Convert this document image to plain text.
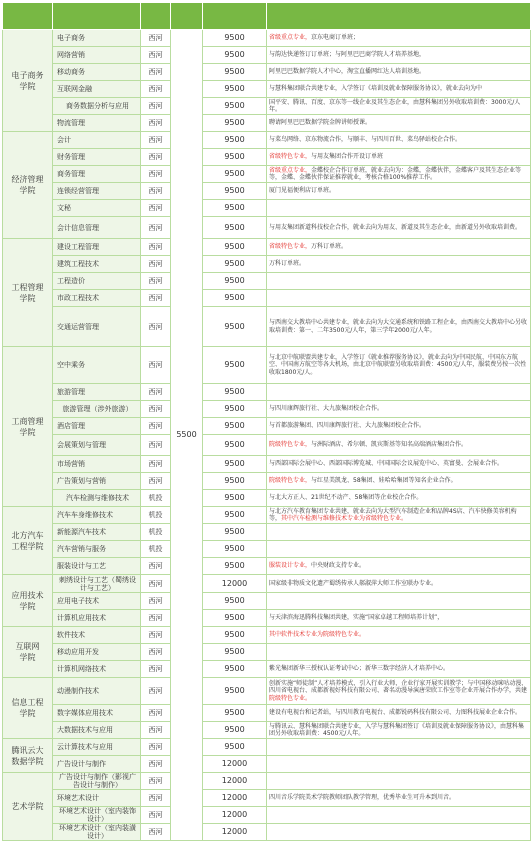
电子商务
学院	电子商务	西河	5500	9500	省级重点专业，京东电商订单班；
	网络营销	西河		9500	与韵达快递签订订单班；与阿里巴巴商学院人才培养基地，
	移动商务	西河		9500	阿里巴巴数据学院人才中心，淘宝直播网红达人培训基地。
	互联网金融	西河		9500	与慧科集团联合共建专业，入学签订《培训及就业保障服务协议》，就业去向为中
	商务数据分析与应用	西河		9500	国平安、腾讯、百度、京东等一线企业及其生态企业，由慧科集团另外收取培训费：3000元/人年。
	物流管理	西河		9500	聘请阿里巴巴数据学院金牌讲师授课。
经济管理
学院	会计	西河		9500	与菜鸟网络、京东物流合作，与顺丰、与四川百世、菜鸟驿站校企合作。
	财务管理	西河		9500	省级特色专业，与用友集团合作开设订单班
	商务管理	西河		9500	省级重点专业，金蝶校企合作订单班，就业去向为：金蝶，金蝶伙伴，金蝶客户及其生态企业等等，金蝶、金蝶伙伴保证推荐就业，考核合格100%推荐工作。
	连锁经营管理	西河		9500	厦门见福便利店订单班。
	文秘	西河		9500	
	会计信息管理	西河		9500	与用友集团新道科技校企合作，就业去向为用友、新道及其生态企业，由新道另外收取培训费。
工程管理
学院	建设工程管理	西河		9500	省级特色专业，万科订单班。
	建筑工程技术	西河		9500	万科订单班。
	工程造价	西河		9500	
	市政工程技术	西河		9500	
	交通运营管理	西河		9500	与西南交大教培中心共建专业，就业去向为大交通系统和铁路工程企业，由西南交大教培中心另收取培训费：第一、二年3500元/人年，第三学年2000元/人年。
工商管理
学院	空中乘务	西河		9500	与北京中航联盟共建专业，入学签订《就业推荐服务协议》，就业去向为中国民航、中国东方航空、中国南方航空等各大机场，由北京中航联盟另收取培训费：4500元/人年，服装费另按一次性收取1800元/人。
	旅游管理	西河		9500	
	旅游管理（涉外旅游）	西河		9500	与四川康辉旅行社、大九旅集团校企合作。
	酒店管理	西河		9500	与首都旅游集团、四川康辉旅行社、大九旅集团校企合作。
	会展策划与管理	西河		9500	院级特色专业，与洲际酒店、希尔顿、凯宾斯基等知名高端酒店集团合作。
	市场营销	西河		9500	与西部国际会展中心、西部国际博览城、中国国际会议展览中心、英富曼、会展业合作。
	广告策划与营销	西河		9500	院级特色专业，与红星美凯龙、58集团、娃哈哈集团等知名企业合作。
	汽车检测与维修技术	机投		9500	与北大方正人、21世纪不动产、58集团等企业校企合作。
北方汽车
工程学院	汽车车身维修技术	机投		9500	与北方汽车教育集团专业共建，就业去向为大型汽车制造企业和品牌4S店、汽车快修美容机构等，其中汽车检测与维修技术专业为省级特色专业。
	新能源汽车技术	机投		9500	
	汽车营销与服务	机投		9500	
	服装设计与工艺	西河		9500	服装设计专业，中央财政支持专业。
应用技术
学院	刺绣设计与工艺（蜀绣设计与工艺）	西河		12000	国家级非物质文化遗产蜀绣传承人郝淑萍大师工作室联办专业。
	应用电子技术	西河		9500	
	计算机应用技术	西河		9500	与天津滨海迅腾科技集团共建，实施“国家卓越工程师培养计划”，
互联网
学院	软件技术	西河		9500	其中软件技术专业为院级特色专业。
	移动应用开发	西河		9500	
	计算机网络技术	西河		9500	紫光集团新华三授权认证考试中心；新华三数字经济人才培养中心。
信息工程
学院	动漫制作技术	西河		9500	创新实施“师徒制”人才培养模式，引入行业大师，企业行家开展实训教学；与中国移动咪咕动漫、四川省电视台、成都新视好科技有限公司、著名动漫导演唐荣欣工作室等企业开展合作办学，共建院级特色专业。
	数字媒体应用技术	西河		9500	建设有电视台和记者站，与四川教育电视台、成都锐码科技有限公司、力图科技展业企业合作。
	大数据技术与应用	西河		9500	与腾讯云、慧科集团联合共建专业，入学与慧科集团签订《培训及就业保障服务协议》，由慧科集团另外收取培训费：4500元/人年。
腾讯云大
数据学院	云计算技术与应用	西河		9500	
	广告设计与制作	西河		12000	
艺术学院	广告设计与制作（影视广告设计与制作）	西河		12000	
	环境艺术设计	西河		12000	四川音乐学院美术学院教师团队教学管理，优秀毕业生可升本到川音。
	环境艺术设计（室内装饰设计）	西河		12000	
	环境艺术设计（室内装潢设计）	西河		12000	
